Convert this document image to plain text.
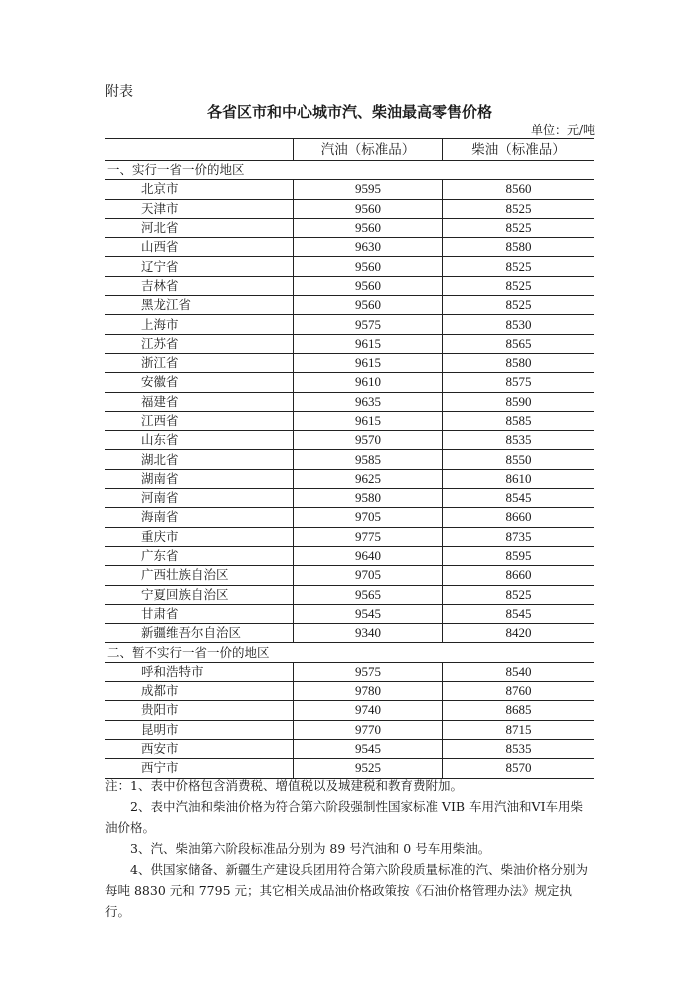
附表
各省区市和中心城市汽、柴油最高零售价格
单位：元/吨
	汽油（标准品）	柴油（标准品）
一、实行一省一价的地区		
北京市	9595	8560
天津市	9560	8525
河北省	9560	8525
山西省	9630	8580
辽宁省	9560	8525
吉林省	9560	8525
黑龙江省	9560	8525
上海市	9575	8530
江苏省	9615	8565
浙江省	9615	8580
安徽省	9610	8575
福建省	9635	8590
江西省	9615	8585
山东省	9570	8535
湖北省	9585	8550
湖南省	9625	8610
河南省	9580	8545
海南省	9705	8660
重庆市	9775	8735
广东省	9640	8595
广西壮族自治区	9705	8660
宁夏回族自治区	9565	8525
甘肃省	9545	8545
新疆维吾尔自治区	9340	8420
二、暂不实行一省一价的地区		
呼和浩特市	9575	8540
成都市	9780	8760
贵阳市	9740	8685
昆明市	9770	8715
西安市	9545	8535
西宁市	9525	8570

注：1、表中价格包含消费税、增值税以及城建税和教育费附加。

2、表中汽油和柴油价格为符合第六阶段强制性国家标准 VIB 车用汽油和VI车用柴油价格。

3、汽、柴油第六阶段标准品分别为 89 号汽油和 0 号车用柴油。

4、供国家储备、新疆生产建设兵团用符合第六阶段质量标准的汽、柴油价格分别为每吨 8830 元和 7795 元；其它相关成品油价格政策按《石油价格管理办法》规定执行。
